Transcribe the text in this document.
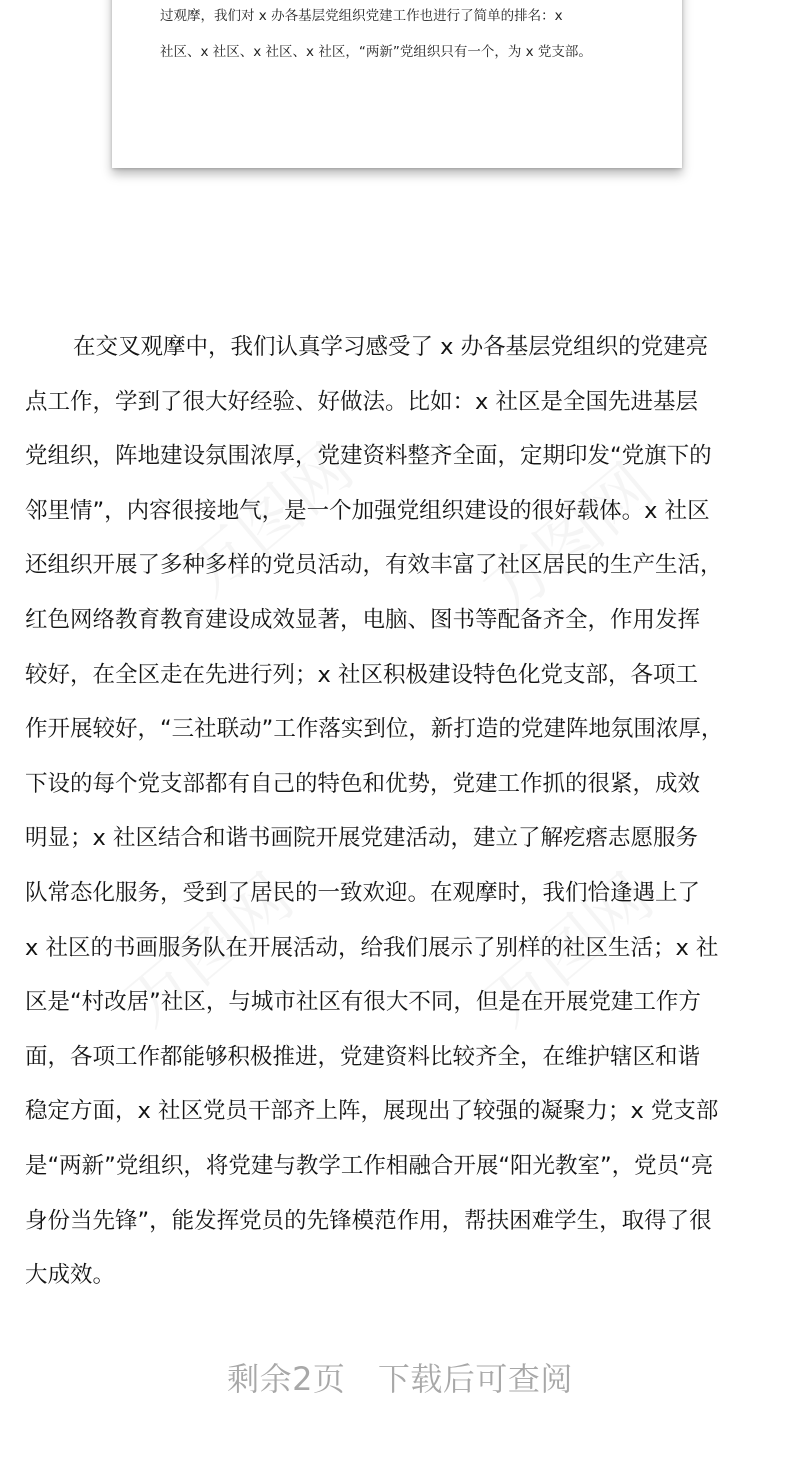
过观摩，我们对 x 办各基层党组织党建工作也进行了简单的排名：x
社区、x 社区、x 社区、x 社区，“两新”党组织只有一个，为 x 党支部。
万图网 万图网
万图网	万图网
在交叉观摩中，我们认真学习感受了 x 办各基层党组织的党建亮
点工作，学到了很大好经验、好做法。比如：x 社区是全国先进基层
党组织，阵地建设氛围浓厚，党建资料整齐全面，定期印发“党旗下的
邻里情”，内容很接地气，是一个加强党组织建设的很好载体。x 社区
还组织开展了多种多样的党员活动，有效丰富了社区居民的生产生活，
红色网络教育教育建设成效显著，电脑、图书等配备齐全，作用发挥
较好，在全区走在先进行列；x 社区积极建设特色化党支部，各项工
作开展较好，“三社联动”工作落实到位，新打造的党建阵地氛围浓厚，
下设的每个党支部都有自己的特色和优势，党建工作抓的很紧，成效
明显；x 社区结合和谐书画院开展党建活动，建立了解疙瘩志愿服务
队常态化服务，受到了居民的一致欢迎。在观摩时，我们恰逢遇上了
x 社区的书画服务队在开展活动，给我们展示了别样的社区生活；x 社
区是“村改居”社区，与城市社区有很大不同，但是在开展党建工作方
面，各项工作都能够积极推进，党建资料比较齐全，在维护辖区和谐
稳定方面，x 社区党员干部齐上阵，展现出了较强的凝聚力；x 党支部
是“两新”党组织，将党建与教学工作相融合开展“阳光教室”，党员“亮
身份当先锋”，能发挥党员的先锋模范作用，帮扶困难学生，取得了很
大成效。
剩余2页　下载后可查阅
